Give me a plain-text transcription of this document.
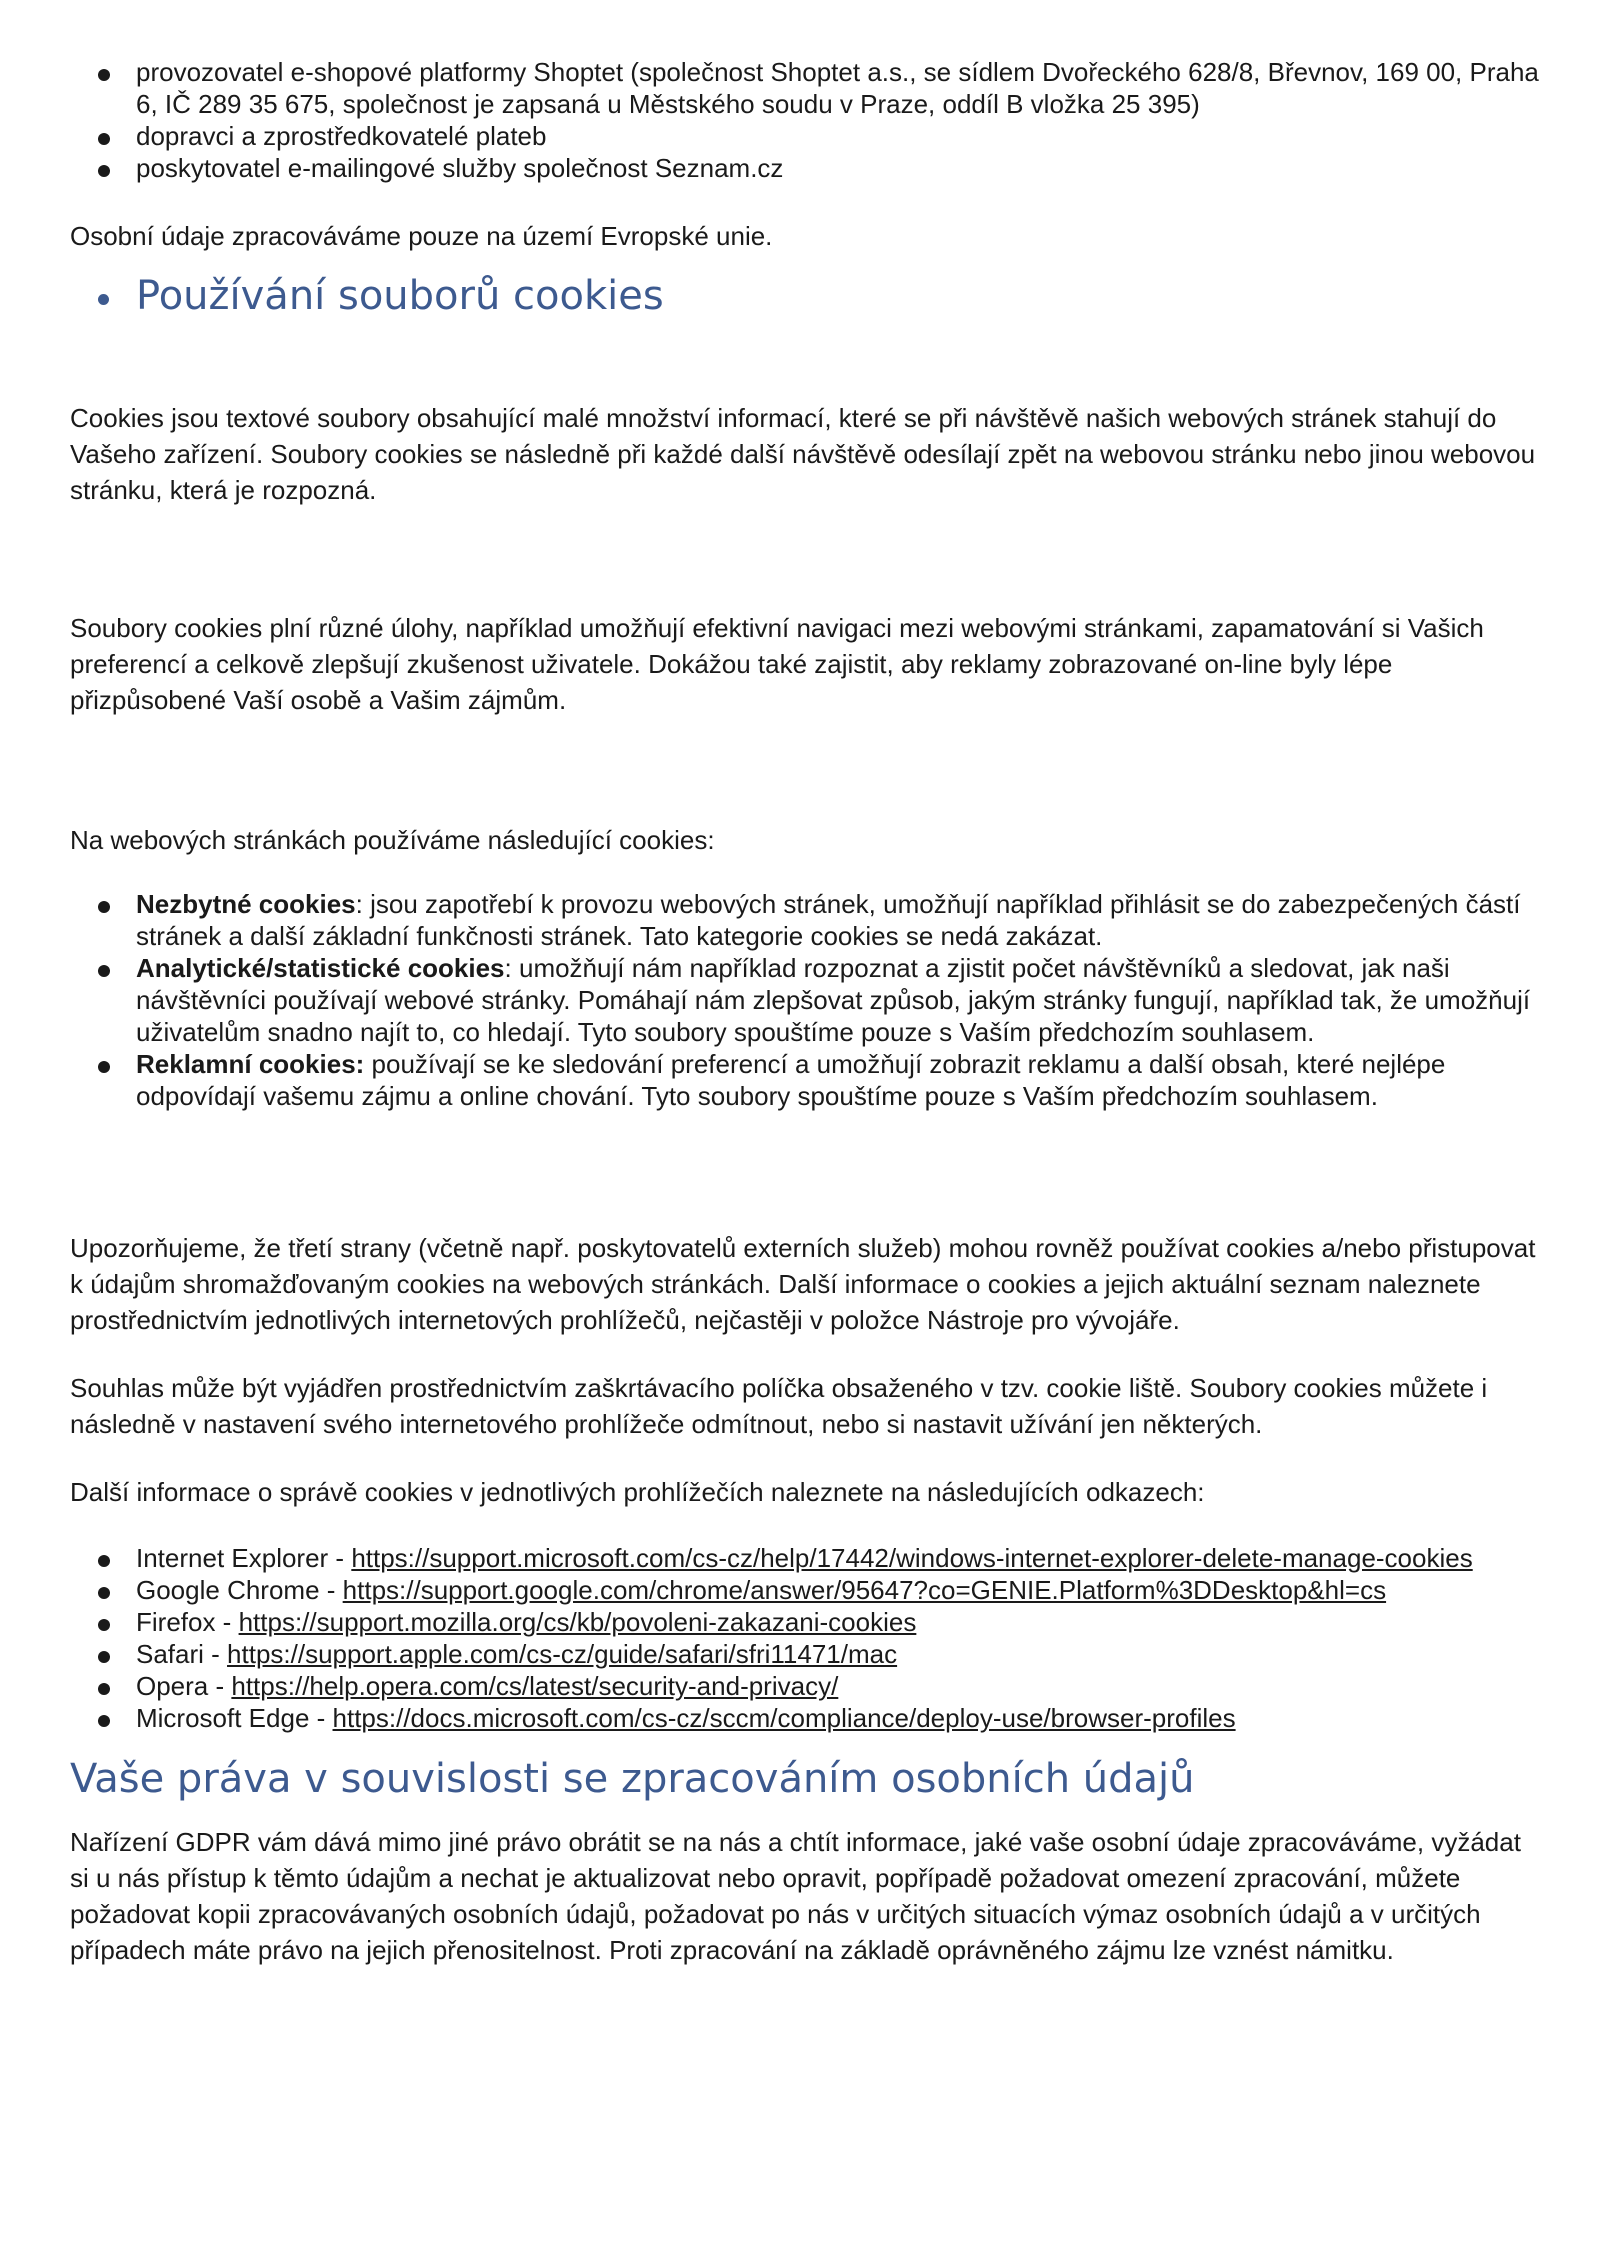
provozovatel e-shopové platformy Shoptet (společnost Shoptet a.s., se sídlem Dvořeckého 628/8, Břevnov, 169 00, Praha 6, IČ 289 35 675, společnost je zapsaná u Městského soudu v Praze, oddíl B vložka 25 395)
dopravci a zprostředkovatelé plateb
poskytovatel e-mailingové služby společnost Seznam.cz

Osobní údaje zpracováváme pouze na území Evropské unie.

Používání souborů cookies

Cookies jsou textové soubory obsahující malé množství informací, které se při návštěvě našich webových stránek stahují do Vašeho zařízení. Soubory cookies se následně při každé další návštěvě odesílají zpět na webovou stránku nebo jinou webovou stránku, která je rozpozná.

Soubory cookies plní různé úlohy, například umožňují efektivní navigaci mezi webovými stránkami, zapamatování si Vašich preferencí a celkově zlepšují zkušenost uživatele. Dokážou také zajistit, aby reklamy zobrazované on-line byly lépe přizpůsobené Vaší osobě a Vašim zájmům.

Na webových stránkách používáme následující cookies:

Nezbytné cookies: jsou zapotřebí k provozu webových stránek, umožňují například přihlásit se do zabezpečených částí stránek a další základní funkčnosti stránek. Tato kategorie cookies se nedá zakázat.
Analytické/statistické cookies: umožňují nám například rozpoznat a zjistit počet návštěvníků a sledovat, jak naši návštěvníci používají webové stránky. Pomáhají nám zlepšovat způsob, jakým stránky fungují, například tak, že umožňují uživatelům snadno najít to, co hledají. Tyto soubory spouštíme pouze s Vaším předchozím souhlasem.
Reklamní cookies: používají se ke sledování preferencí a umožňují zobrazit reklamu a další obsah, které nejlépe odpovídají vašemu zájmu a online chování. Tyto soubory spouštíme pouze s Vaším předchozím souhlasem.

Upozorňujeme, že třetí strany (včetně např. poskytovatelů externích služeb) mohou rovněž používat cookies a/nebo přistupovat k údajům shromažďovaným cookies na webových stránkách. Další informace o cookies a jejich aktuální seznam naleznete prostřednictvím jednotlivých internetových prohlížečů, nejčastěji v položce Nástroje pro vývojáře.

Souhlas může být vyjádřen prostřednictvím zaškrtávacího políčka obsaženého v tzv. cookie liště. Soubory cookies můžete i následně v nastavení svého internetového prohlížeče odmítnout, nebo si nastavit užívání jen některých.

Další informace o správě cookies v jednotlivých prohlížečích naleznete na následujících odkazech:

Internet Explorer - https://support.microsoft.com/cs-cz/help/17442/windows-internet-explorer-delete-manage-cookies
Google Chrome - https://support.google.com/chrome/answer/95647?co=GENIE.Platform%3DDesktop&hl=cs
Firefox - https://support.mozilla.org/cs/kb/povoleni-zakazani-cookies
Safari - https://support.apple.com/cs-cz/guide/safari/sfri11471/mac
Opera - https://help.opera.com/cs/latest/security-and-privacy/
Microsoft Edge - https://docs.microsoft.com/cs-cz/sccm/compliance/deploy-use/browser-profiles
Vaše práva v souvislosti se zpracováním osobních údajů

Nařízení GDPR vám dává mimo jiné právo obrátit se na nás a chtít informace, jaké vaše osobní údaje zpracováváme, vyžádat si u nás přístup k těmto údajům a nechat je aktualizovat nebo opravit, popřípadě požadovat omezení zpracování, můžete požadovat kopii zpracovávaných osobních údajů, požadovat po nás v určitých situacích výmaz osobních údajů a v určitých případech máte právo na jejich přenositelnost. Proti zpracování na základě oprávněného zájmu lze vznést námitku.
